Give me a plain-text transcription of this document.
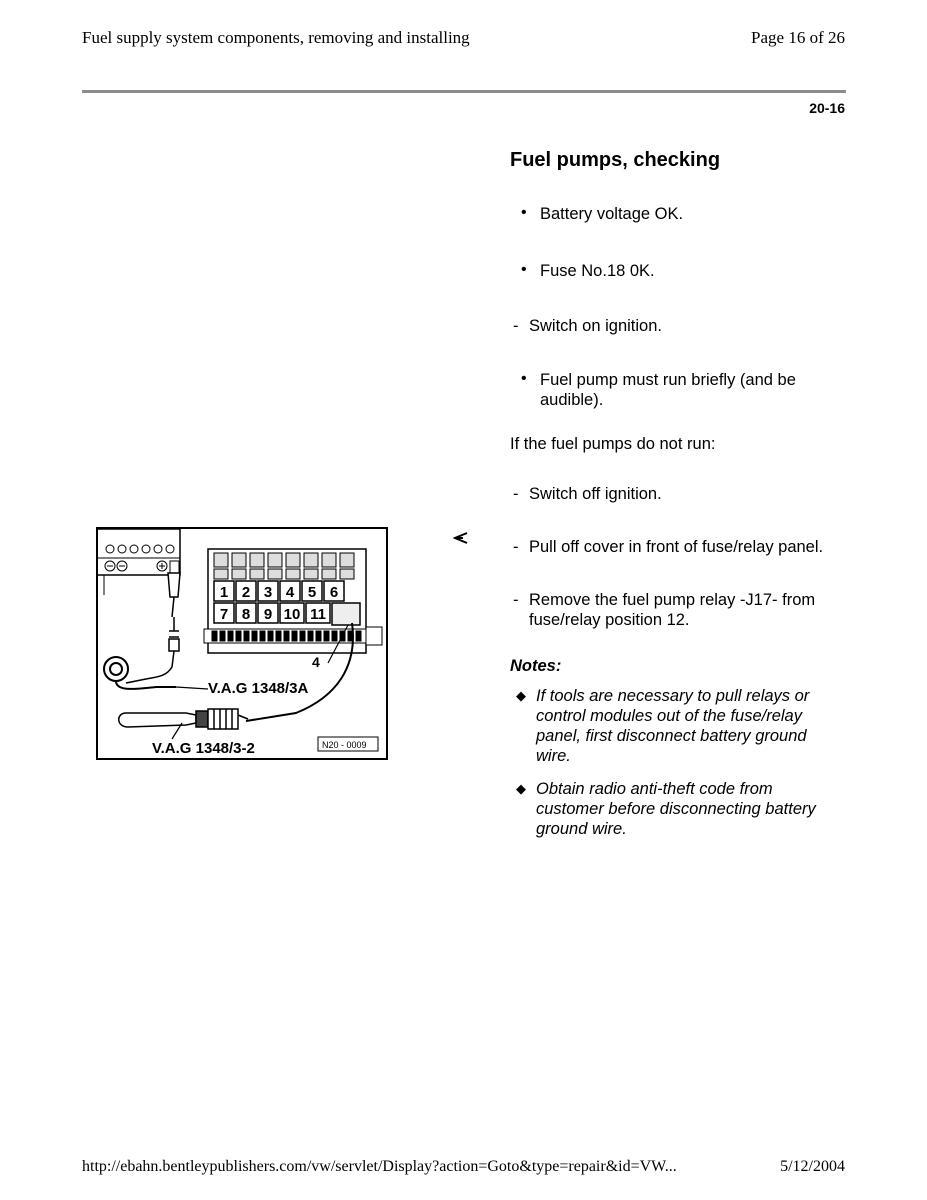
Fuel supply system components, removing and installing	Page 16 of 26
20-16
Fuel pumps, checking
• Battery voltage OK.
• Fuse No.18 0K.
- Switch on ignition.
• Fuel pump must run briefly (and be audible).
If the fuel pumps do not run:
- Switch off ignition.
- Pull off cover in front of fuse/relay panel.
- Remove the fuel pump relay -J17- from fuse/relay position 12.
Notes:
◆ If tools are necessary to pull relays or control modules out of the fuse/relay panel, first disconnect battery ground wire.
◆ Obtain radio anti-theft code from customer before disconnecting battery ground wire.
1 2 3 4 5 6
7 8 9 10 11
4
V.A.G 1348/3A
V.A.G 1348/3-2	N20 - 0009
http://ebahn.bentleypublishers.com/vw/servlet/Display?action=Goto&type=repair&id=VW...	5/12/2004
